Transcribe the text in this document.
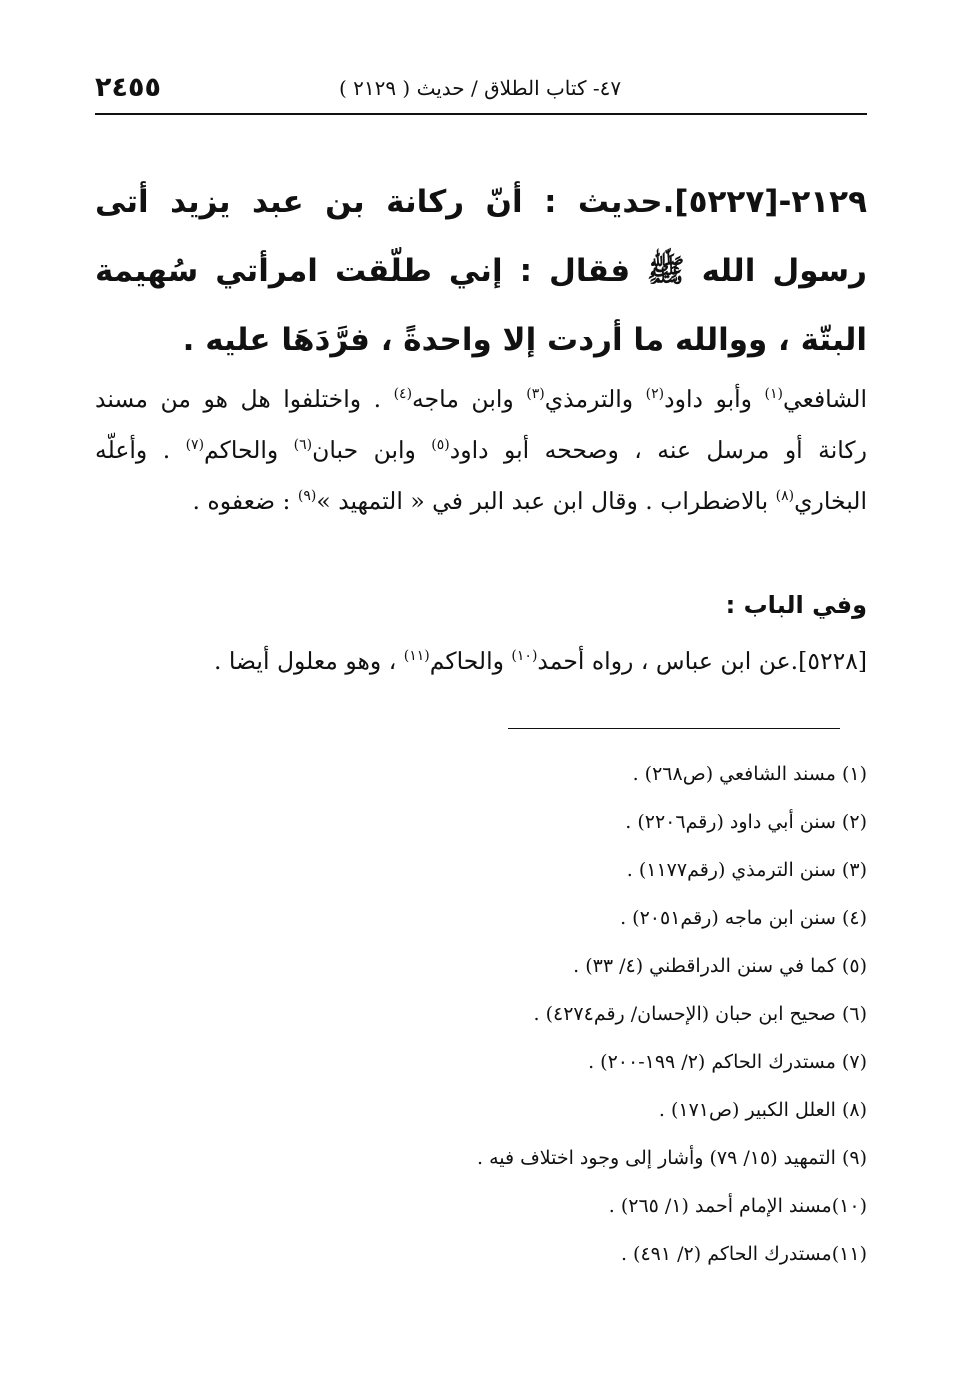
٢٤٥٥	٤٧- كتاب الطلاق / حديث ( ٢١٢٩ )
٢١٢٩-[٥٢٢٧].حديث : أنّ ركانة بن عبد يزيد أتى رسول الله ﷺ فقال : إني طلّقت امرأتي سُهيمة البتّة ، ووالله ما أردت إلا واحدةً ، فرَّدَهَا عليه .

الشافعي$^{(١)}$ وأبو داود$^{(٢)}$ والترمذي$^{(٣)}$ وابن ماجه$^{(٤)}$ . واختلفوا هل هو من مسند ركانة أو مرسل عنه ، وصححه أبو داود$^{(٥)}$ وابن حبان$^{(٦)}$ والحاكم$^{(٧)}$ . وأعلّه البخاري$^{(٨)}$ بالاضطراب . وقال ابن عبد البر في « التمهيد »$^{(٩)}$ : ضعفوه .

وفي الباب :
[٥٢٢٨].عن ابن عباس ، رواه أحمد$^{(١٠)}$ والحاكم$^{(١١)}$ ، وهو معلول أيضا .
(١) مسند الشافعي (ص٢٦٨) .
(٢) سنن أبي داود (رقم٢٢٠٦) .
(٣) سنن الترمذي (رقم١١٧٧) .
(٤) سنن ابن ماجه (رقم٢٠٥١) .
(٥) كما في سنن الدراقطني (٤/ ٣٣) .
(٦) صحيح ابن حبان (الإحسان/ رقم٤٢٧٤) .
(٧) مستدرك الحاكم (٢/ ١٩٩-٢٠٠) .
(٨) العلل الكبير (ص١٧١) .
(٩) التمهيد (١٥/ ٧٩) وأشار إلى وجود اختلاف فيه .
(١٠)مسند الإمام أحمد (١/ ٢٦٥) .
(١١)مستدرك الحاكم (٢/ ٤٩١) .
